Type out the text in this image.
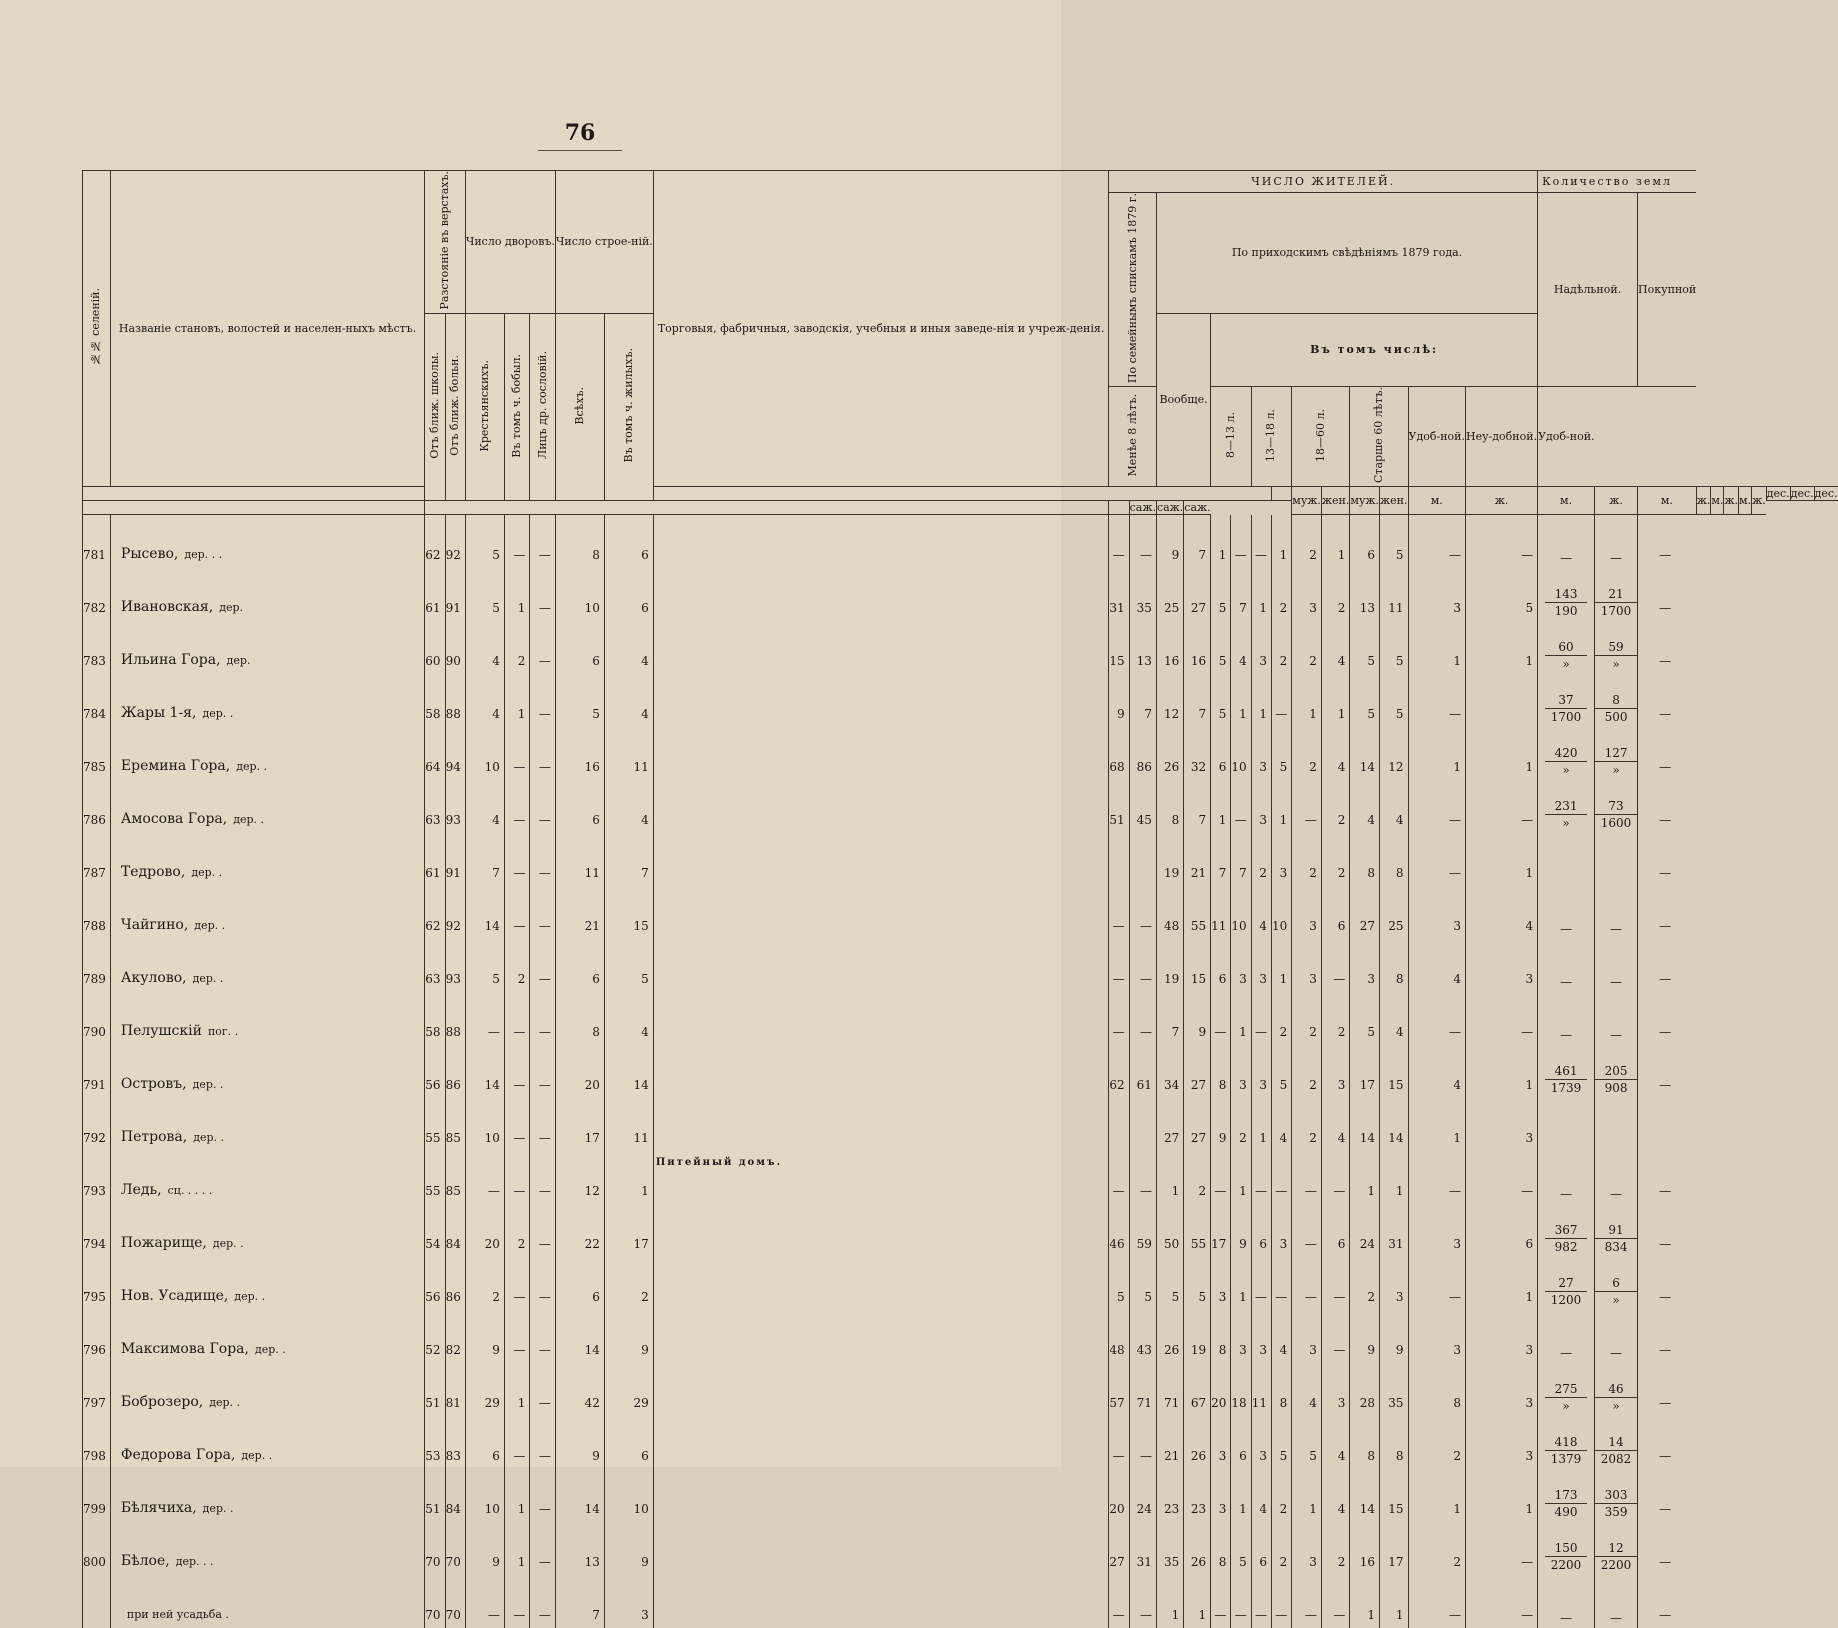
76
№№ селеній.	Названіе становъ, волостей и населен-ныхъ мѣстъ.	Разстояніе въ верстахъ.		Число дворовъ.			Число строе-ній.		Торговыя, фабричныя, заводскія, учебныя и иныя заведе-нія и учреж-денія.	ЧИСЛО ЖИТЕЛЕЙ.														Количество земл										
										По семейнымъ спискамъ 1879 г.		По приходскимъ свѣдѣніямъ 1879 года.												Надѣльной.		Покупной								
		Отъ ближ. школы.	Отъ ближ. больн.	Крестьянскихъ.	Въ томъ ч. бобыл.	Лицъ др. сословій.	Всѣхъ.	Въ томъ ч. жилыхъ.				Вообще.		Въ томъ числѣ:																				
										Менѣе 8 лѣтъ.				8—13 л.		13—18 л.		18—60 л.		Старше 60 лѣтъ.		Удоб-ной.	Неу-добной.	Удоб-ной.										
																		муж.	жен.	муж.	жен.	м.	ж.	м.	ж.	м.	ж.	м.	ж.	м.	ж.	дес.	дес.	дес.
											саж.	саж.	саж.																					
781	Рысево, дер. . .	62	92	5	—	—	8	6		—	—	9	7	1	—	—	1	2	1	6	5	—	—	—	—	—								
782	Ивановская, дер.	61	91	5	1	—	10	6		31	35	25	27	5	7	1	2	3	2	13	11	3	5	$\frac{143}{190}$	$\frac{21}{1700}$	—								
783	Ильина Гора, дер.	60	90	4	2	—	6	4		15	13	16	16	5	4	3	2	2	4	5	5	1	1	$\frac{60}{»}$	$\frac{59}{»}$	—								
784	Жары 1-я, дер. .	58	88	4	1	—	5	4		9	7	12	7	5	1	1	—	1	1	5	5	—		$\frac{37}{1700}$	$\frac{8}{500}$	—								
785	Еремина Гора, дер. .	64	94	10	—	—	16	11		68	86	26	32	6	10	3	5	2	4	14	12	1	1	$\frac{420}{»}$	$\frac{127}{»}$	—								
786	Амосова Гора, дер. .	63	93	4	—	—	6	4		51	45	8	7	1	—	3	1	—	2	4	4	—	—	$\frac{231}{»}$	$\frac{73}{1600}$	—								
787	Тедрово, дер. .	61	91	7	—	—	11	7				19	21	7	7	2	3	2	2	8	8	—	1			—								
788	Чайгино, дер. .	62	92	14	—	—	21	15		—	—	48	55	11	10	4	10	3	6	27	25	3	4	—	—	—								
789	Акулово, дер. .	63	93	5	2	—	6	5		—	—	19	15	6	3	3	1	3	—	3	8	4	3	—	—	—								
790	Пелушскій пог. .	58	88	—	—	—	8	4		—	—	7	9	—	1	—	2	2	2	5	4	—	—	—	—	—								
791	Островъ, дер. .	56	86	14	—	—	20	14		62	61	34	27	8	3	3	5	2	3	17	15	4	1	$\frac{461}{1739}$	$\frac{205}{908}$	—								
792	Петрова, дер. .	55	85	10	—	—	17	11				27	27	9	2	1	4	2	4	14	14	1	3									

793	Ледь, сц. . . . .	55	85	—	—	—	12	1	Питейный домъ.	—	—	1	2	—	1	—	—	—	—	1	1	—	—	—	—	—								
794	Пожарище, дер. .	54	84	20	2	—	22	17		46	59	50	55	17	9	6	3	—	6	24	31	3	6	$\frac{367}{982}$	$\frac{91}{834}$	—								
795	Нов. Усадище, дер. .	56	86	2	—	—	6	2		5	5	5	5	3	1	—	—	—	—	2	3	—	1	$\frac{27}{1200}$	$\frac{6}{»}$	—								
796	Максимова Гора, дер. .	52	82	9	—	—	14	9		48	43	26	19	8	3	3	4	3	—	9	9	3	3	—	—	—								
797	Боброзеро, дер. .	51	81	29	1	—	42	29		57	71	71	67	20	18	11	8	4	3	28	35	8	3	$\frac{275}{»}$	$\frac{46}{»}$	—								
798	Федорова Гора, дер. .	53	83	6	—	—	9	6		—	—	21	26	3	6	3	5	5	4	8	8	2	3	$\frac{418}{1379}$	$\frac{14}{2082}$	—								
799	Бѣлячиха, дер. .	51	84	10	1	—	14	10		20	24	23	23	3	1	4	2	1	4	14	15	1	1	$\frac{173}{490}$	$\frac{303}{359}$	—								
800	Бѣлое, дер. . .	70	70	9	1	—	13	9		27	31	35	26	8	5	6	2	3	2	16	17	2	—	$\frac{150}{2200}$	$\frac{12}{2200}$	—								
	при ней усадьба .	70	70	—	—	—	7	3		—	—	1	1	—	—	—	—	—	—	1	1	—	—	—	—	—								
